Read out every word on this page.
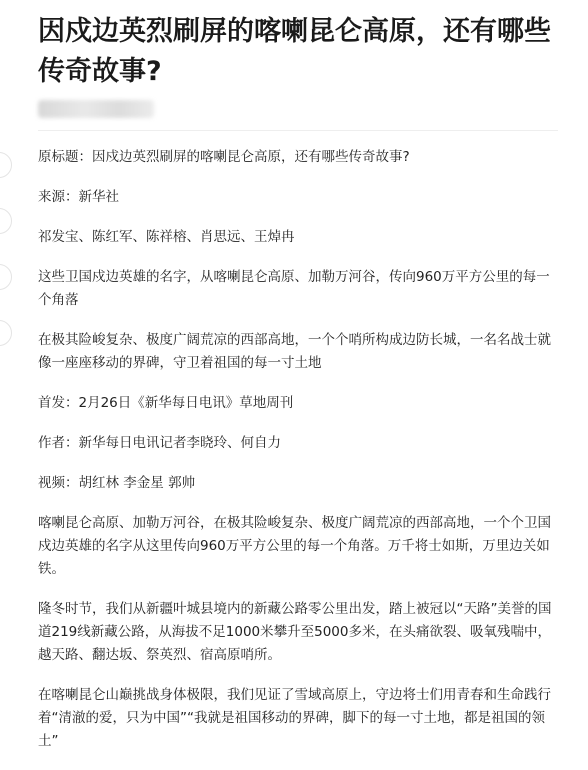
因戍边英烈刷屏的喀喇昆仑高原，还有哪些传奇故事?

原标题：因戍边英烈刷屏的喀喇昆仑高原，还有哪些传奇故事?

来源：新华社

祁发宝、陈红军、陈祥榕、肖思远、王焯冉

这些卫国戍边英雄的名字，从喀喇昆仑高原、加勒万河谷，传向960万平方公里的每一个角落

在极其险峻复杂、极度广阔荒凉的西部高地，一个个哨所构成边防长城，一名名战士就像一座座移动的界碑，守卫着祖国的每一寸土地

首发：2月26日《新华每日电讯》草地周刊

作者：新华每日电讯记者李晓玲、何自力

视频：胡红林 李金星 郭帅

喀喇昆仑高原、加勒万河谷，在极其险峻复杂、极度广阔荒凉的西部高地，一个个卫国戍边英雄的名字从这里传向960万平方公里的每一个角落。万千将士如斯，万里边关如铁。

隆冬时节，我们从新疆叶城县境内的新藏公路零公里出发，踏上被冠以“天路”美誉的国道219线新藏公路，从海拔不足1000米攀升至5000多米，在头痛欲裂、吸氧残喘中，越天路、翻达坂、祭英烈、宿高原哨所。

在喀喇昆仑山巅挑战身体极限，我们见证了雪域高原上，守边将士们用青春和生命践行着“清澈的爱，只为中国”“我就是祖国移动的界碑，脚下的每一寸土地，都是祖国的领土”
